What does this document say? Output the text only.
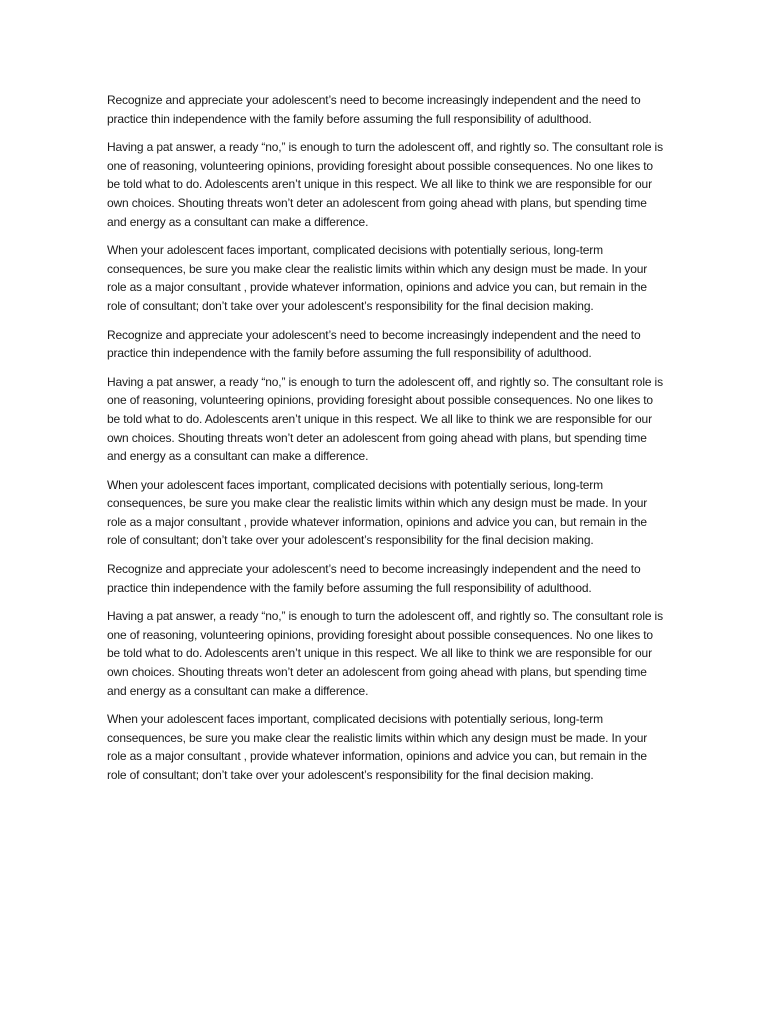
Recognize and appreciate your adolescent’s need to become increasingly independent and the need to practice thin independence with the family before assuming the full responsibility of adulthood.

Having a pat answer, a ready “no,” is enough to turn the adolescent off, and rightly so. The consultant role is one of reasoning, volunteering opinions, providing foresight about possible consequences. No one likes to be told what to do. Adolescents aren’t unique in this respect. We all like to think we are responsible for our own choices. Shouting threats won’t deter an adolescent from going ahead with plans, but spending time and energy as a consultant can make a difference.

When your adolescent faces important, complicated decisions with potentially serious, long-term consequences, be sure you make clear the realistic limits within which any design must be made. In your role as a major consultant , provide whatever information, opinions and advice you can, but remain in the role of consultant; don’t take over your adolescent’s responsibility for the final decision making.

Recognize and appreciate your adolescent’s need to become increasingly independent and the need to practice thin independence with the family before assuming the full responsibility of adulthood.

Having a pat answer, a ready “no,” is enough to turn the adolescent off, and rightly so. The consultant role is one of reasoning, volunteering opinions, providing foresight about possible consequences. No one likes to be told what to do. Adolescents aren’t unique in this respect. We all like to think we are responsible for our own choices. Shouting threats won’t deter an adolescent from going ahead with plans, but spending time and energy as a consultant can make a difference.

When your adolescent faces important, complicated decisions with potentially serious, long-term consequences, be sure you make clear the realistic limits within which any design must be made. In your role as a major consultant , provide whatever information, opinions and advice you can, but remain in the role of consultant; don’t take over your adolescent’s responsibility for the final decision making.

Recognize and appreciate your adolescent’s need to become increasingly independent and the need to practice thin independence with the family before assuming the full responsibility of adulthood.

Having a pat answer, a ready “no,” is enough to turn the adolescent off, and rightly so. The consultant role is one of reasoning, volunteering opinions, providing foresight about possible consequences. No one likes to be told what to do. Adolescents aren’t unique in this respect. We all like to think we are responsible for our own choices. Shouting threats won’t deter an adolescent from going ahead with plans, but spending time and energy as a consultant can make a difference.

When your adolescent faces important, complicated decisions with potentially serious, long-term consequences, be sure you make clear the realistic limits within which any design must be made. In your role as a major consultant , provide whatever information, opinions and advice you can, but remain in the role of consultant; don’t take over your adolescent’s responsibility for the final decision making.
